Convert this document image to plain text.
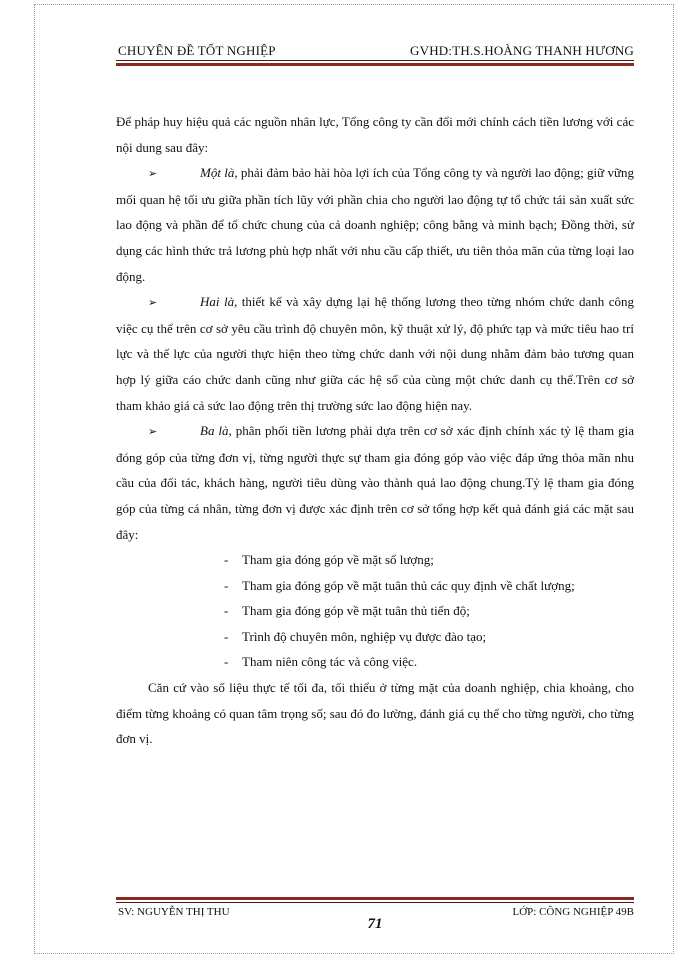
CHUYÊN ĐỀ TỐT NGHIỆP	GVHD:TH.S.HOÀNG THANH HƯƠNG

Để pháp huy hiệu quả các nguồn nhân lực, Tổng công ty cần đổi mới chính cách tiền lương với các nội dung sau đây:

➢	Một là, phải đảm bảo hài hòa lợi ích của Tổng công ty và người lao động; giữ vững mối quan hệ tối ưu giữa phần tích lũy với phần chia cho người lao động tự tổ chức tái sản xuất sức lao động và phần để tổ chức chung của cả doanh nghiệp; công bằng và minh bạch; Đồng thời, sử dụng các hình thức trả lương phù hợp nhất với nhu cầu cấp thiết, ưu tiên thỏa mãn của từng loại lao động.

➢	Hai là, thiết kế và xây dựng lại hệ thống lương theo từng nhóm chức danh công việc cụ thể trên cơ sở yêu cầu trình độ chuyên môn, kỹ thuật xử lý, độ phức tạp và mức tiêu hao trí lực và thể lực của người thực hiện theo từng chức danh với nội dung nhằm đảm bảo tương quan hợp lý giữa cáo chức danh cũng như giữa các hệ số của cùng một chức danh cụ thể.Trên cơ sở tham khảo giá cả sức lao động trên thị trường sức lao động hiện nay.

➢	Ba là, phân phối tiền lương phải dựa trên cơ sở xác định chính xác tỷ lệ tham gia đóng góp của từng đơn vị, từng người thực sự tham gia đóng góp vào việc đáp ứng thỏa mãn nhu cầu của đối tác, khách hàng, người tiêu dùng vào thành quả lao động chung.Tỷ lệ tham gia đóng góp của từng cá nhân, từng đơn vị được xác định trên cơ sở tổng hợp kết quả đánh giá các mặt sau đây:

- Tham gia đóng góp về mặt số lượng;
- Tham gia đóng góp về mặt tuân thủ các quy định về chất lượng;
- Tham gia đóng góp về mặt tuân thủ tiến độ;
- Trình độ chuyên môn, nghiệp vụ được đào tạo;
- Tham niên công tác và công việc.

Căn cứ vào số liệu thực tế tối đa, tối thiểu ở từng mặt của doanh nghiệp, chia khoảng, cho điểm từng khoảng có quan tâm trọng số; sau đó đo lường, đánh giá cụ thể cho từng người, cho từng đơn vị.

SV: NGUYỄN THỊ THU	LỚP: CÔNG NGHIỆP 49B
71
